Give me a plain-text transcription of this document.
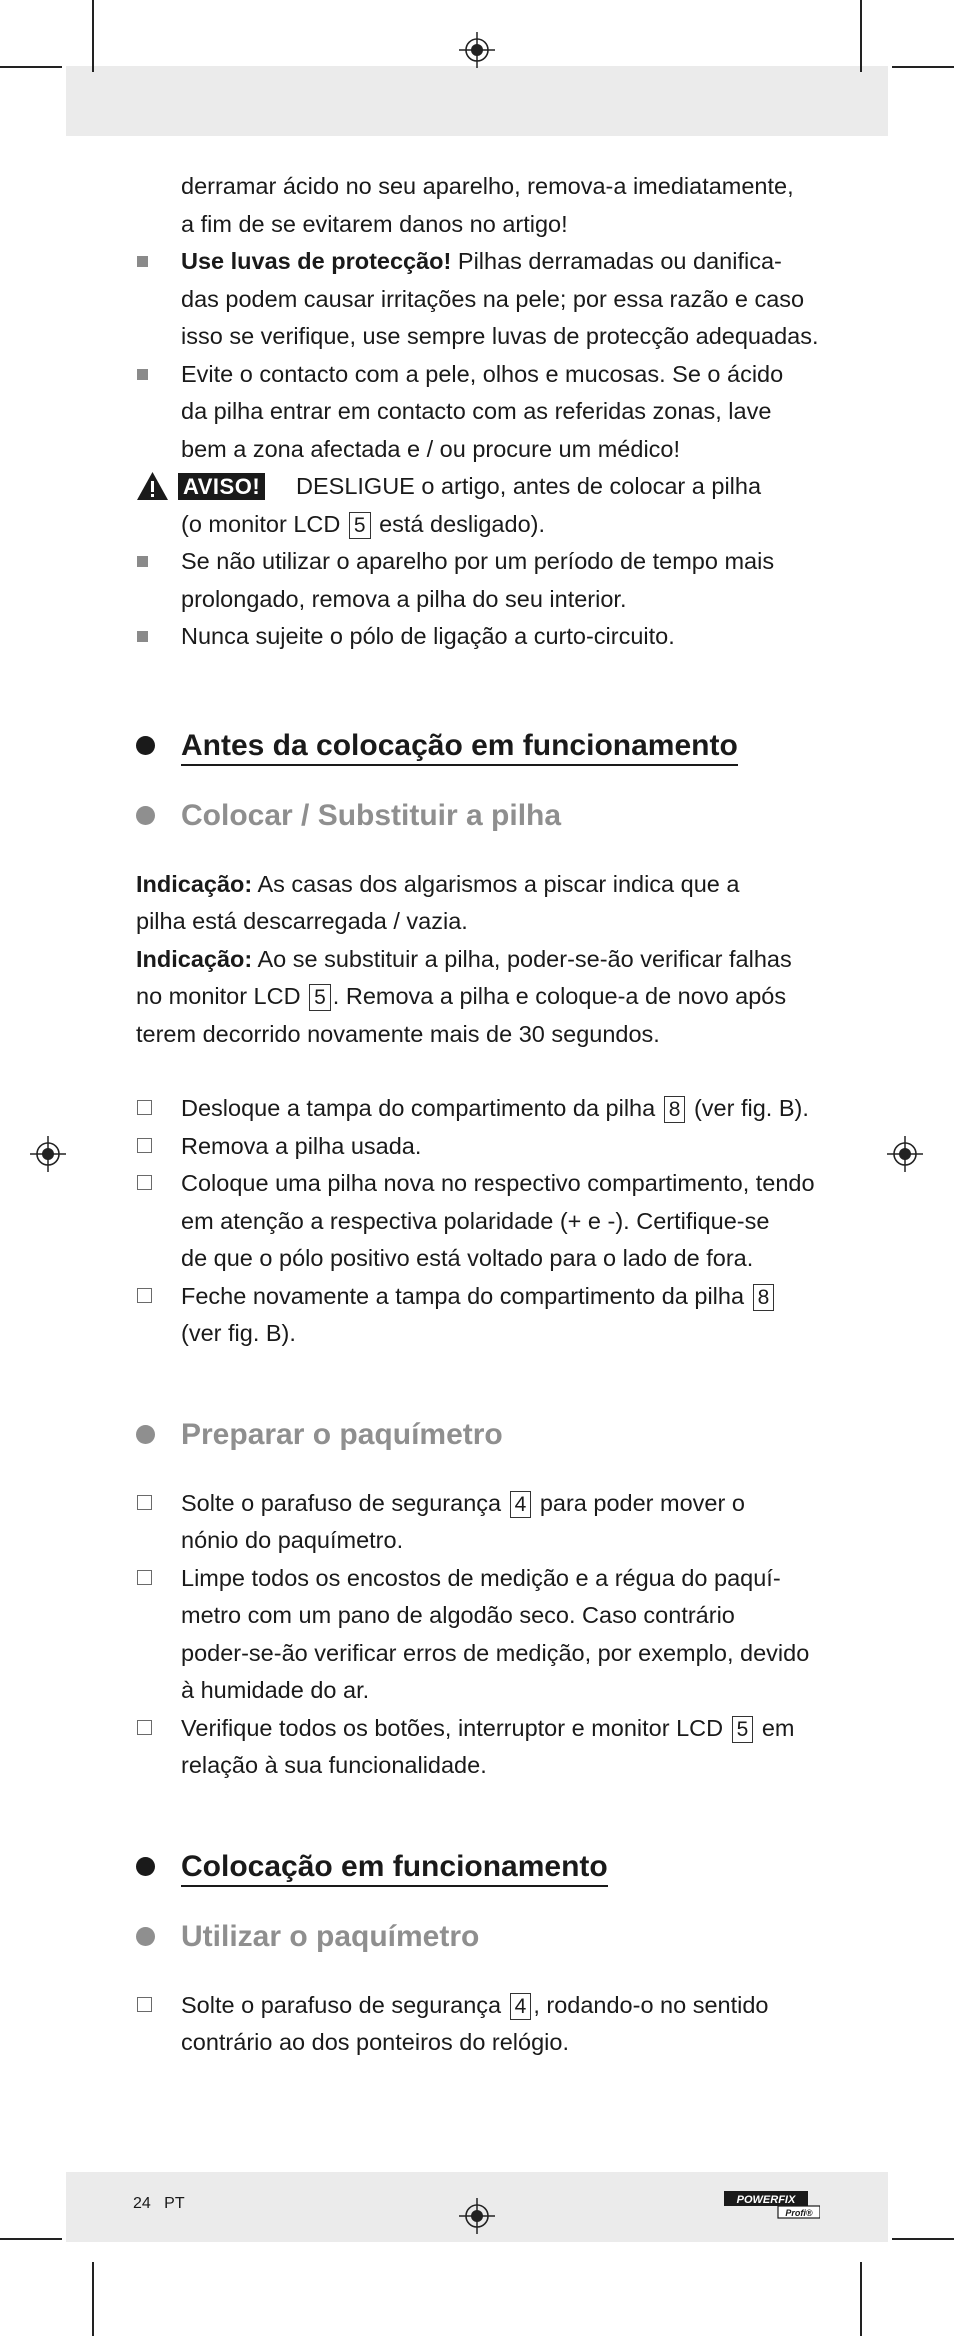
derramar ácido no seu aparelho, remova-a imediatamente,
a fim de se evitarem danos no artigo!
Use luvas de protecção! Pilhas derramadas ou danifica-
das podem causar irritações na pele; por essa razão e caso
isso se verifique, use sempre luvas de protecção adequadas.
Evite o contacto com a pele, olhos e mucosas. Se o ácido
da pilha entrar em contacto com as referidas zonas, lave
bem a zona afectada e / ou procure um médico!
AVISO!	DESLIGUE o artigo, antes de colocar a pilha
(o monitor LCD 5 está desligado).
Se não utilizar o aparelho por um período de tempo mais
prolongado, remova a pilha do seu interior.
Nunca sujeite o pólo de ligação a curto-circuito.
Antes da colocação em funcionamento
Colocar / Substituir a pilha
Indicação: As casas dos algarismos a piscar indica que a
pilha está descarregada / vazia.
Indicação: Ao se substituir a pilha, poder-se-ão verificar falhas
no monitor LCD 5 . Remova a pilha e coloque-a de novo após
terem decorrido novamente mais de 30 segundos.
Desloque a tampa do compartimento da pilha 8 (ver fig. B).
Remova a pilha usada.
Coloque uma pilha nova no respectivo compartimento, tendo
em atenção a respectiva polaridade (+ e -). Certifique-se
de que o pólo positivo está voltado para o lado de fora.
Feche novamente a tampa do compartimento da pilha 8
(ver fig. B).
Preparar o paquímetro
Solte o parafuso de segurança 4 para poder mover o
nónio do paquímetro.
Limpe todos os encostos de medição e a régua do paquí-
metro com um pano de algodão seco. Caso contrário
poder-se-ão verificar erros de medição, por exemplo, devido
à humidade do ar.
Verifique todos os botões, interruptor e monitor LCD 5 em
relação à sua funcionalidade.
Colocação em funcionamento
Utilizar o paquímetro
Solte o parafuso de segurança 4 , rodando-o no sentido
contrário ao dos ponteiros do relógio.
24 PT	POWERFIX
Profi®
